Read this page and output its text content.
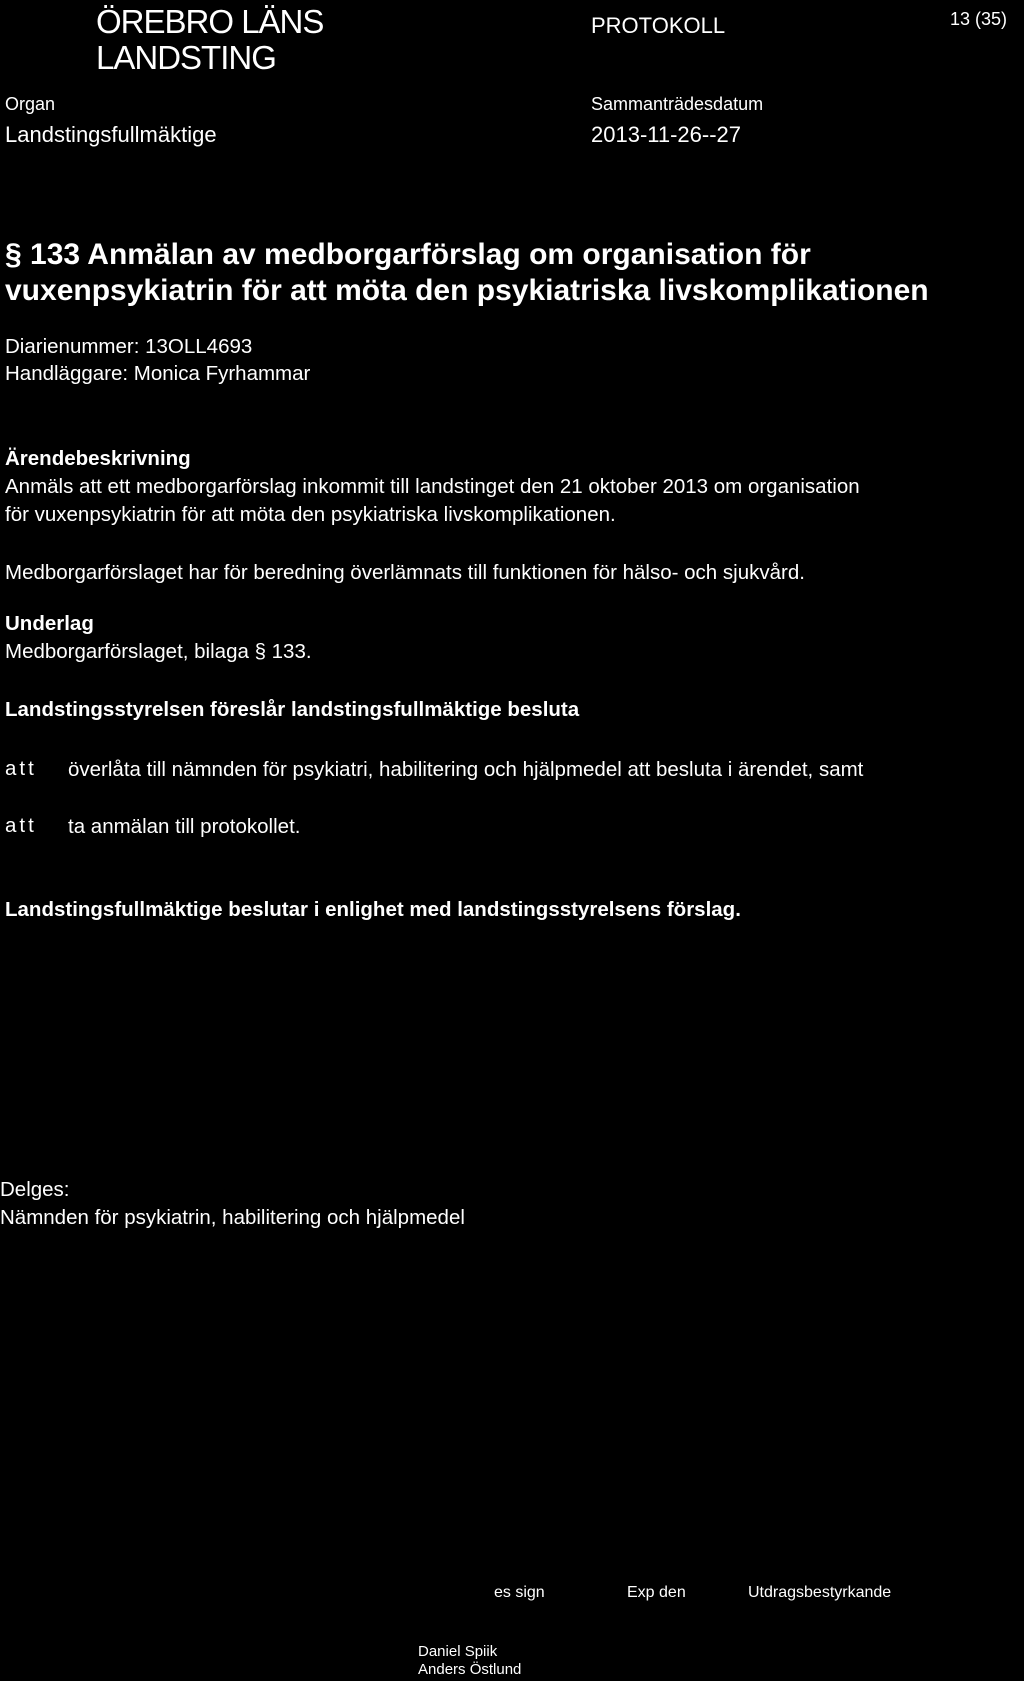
ÖREBRO LÄNS
LANDSTING
PROTOKOLL	13 (35)
Organ
Landstingsfullmäktige
Sammanträdesdatum
2013-11-26--27
§ 133 Anmälan av medborgarförslag om organisation för
vuxenpsykiatrin för att möta den psykiatriska livskomplikationen
Diarienummer: 13OLL4693
Handläggare: Monica Fyrhammar
Ärendebeskrivning
Anmäls att ett medborgarförslag inkommit till landstinget den 21 oktober 2013 om organisation
för vuxenpsykiatrin för att möta den psykiatriska livskomplikationen.
Medborgarförslaget har för beredning överlämnats till funktionen för hälso- och sjukvård.
Underlag
Medborgarförslaget, bilaga § 133.
Landstingsstyrelsen föreslår landstingsfullmäktige besluta
att överlåta till nämnden för psykiatri, habilitering och hjälpmedel att besluta i ärendet, samt
att ta anmälan till protokollet.
Landstingsfullmäktige beslutar i enlighet med landstingsstyrelsens förslag.
Delges:
Nämnden för psykiatrin, habilitering och hjälpmedel
es sign	Exp den	Utdragsbestyrkande
Daniel Spiik
Anders Östlund
